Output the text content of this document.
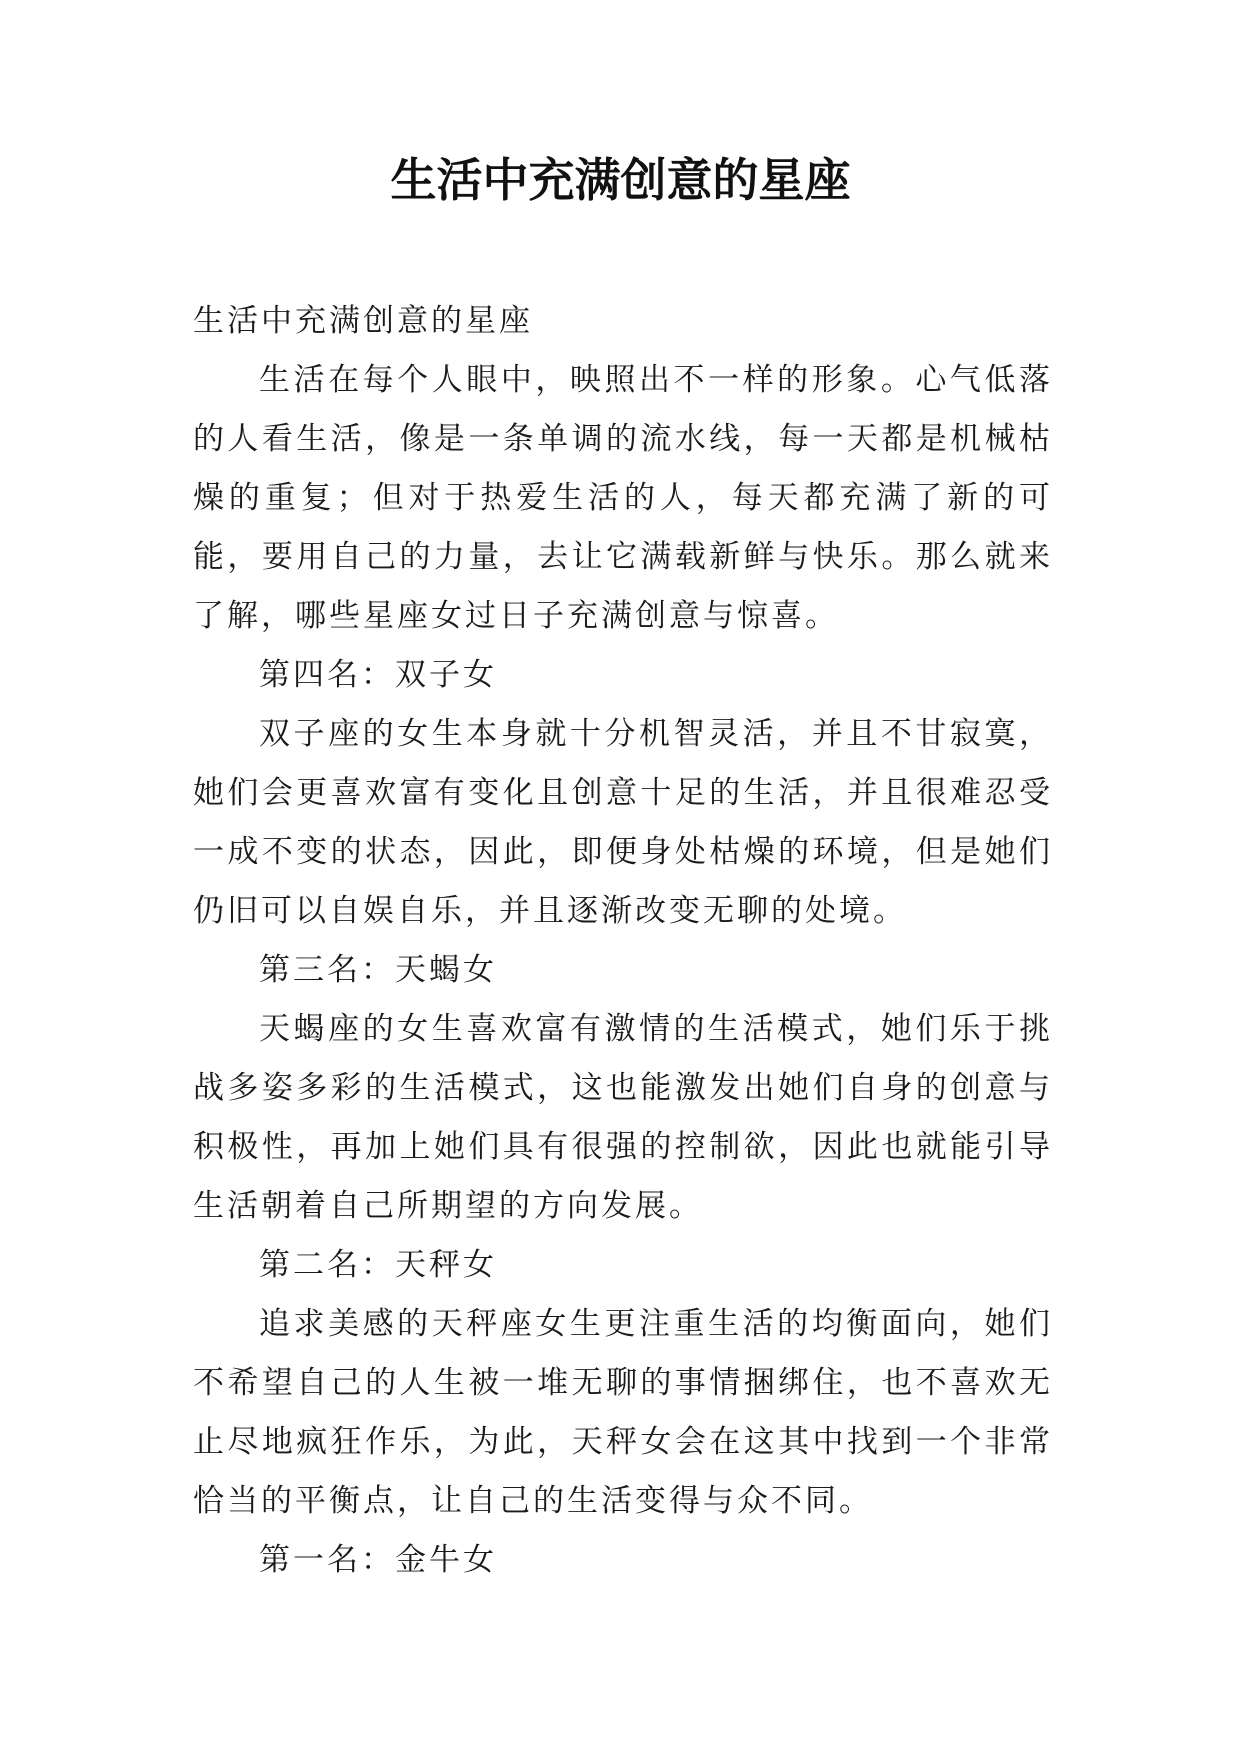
生活中充满创意的星座

生活中充满创意的星座

生活在每个人眼中，映照出不一样的形象。心气低落的人看生活，像是一条单调的流水线，每一天都是机械枯燥的重复；但对于热爱生活的人，每天都充满了新的可能，要用自己的力量，去让它满载新鲜与快乐。那么就来了解，哪些星座女过日子充满创意与惊喜。

第四名：双子女

双子座的女生本身就十分机智灵活，并且不甘寂寞，她们会更喜欢富有变化且创意十足的生活，并且很难忍受一成不变的状态，因此，即便身处枯燥的环境，但是她们仍旧可以自娱自乐，并且逐渐改变无聊的处境。

第三名：天蝎女

天蝎座的女生喜欢富有激情的生活模式，她们乐于挑战多姿多彩的生活模式，这也能激发出她们自身的创意与积极性，再加上她们具有很强的控制欲，因此也就能引导生活朝着自己所期望的方向发展。

第二名：天秤女

追求美感的天秤座女生更注重生活的均衡面向，她们不希望自己的人生被一堆无聊的事情捆绑住，也不喜欢无止尽地疯狂作乐，为此，天秤女会在这其中找到一个非常恰当的平衡点，让自己的生活变得与众不同。

第一名：金牛女
